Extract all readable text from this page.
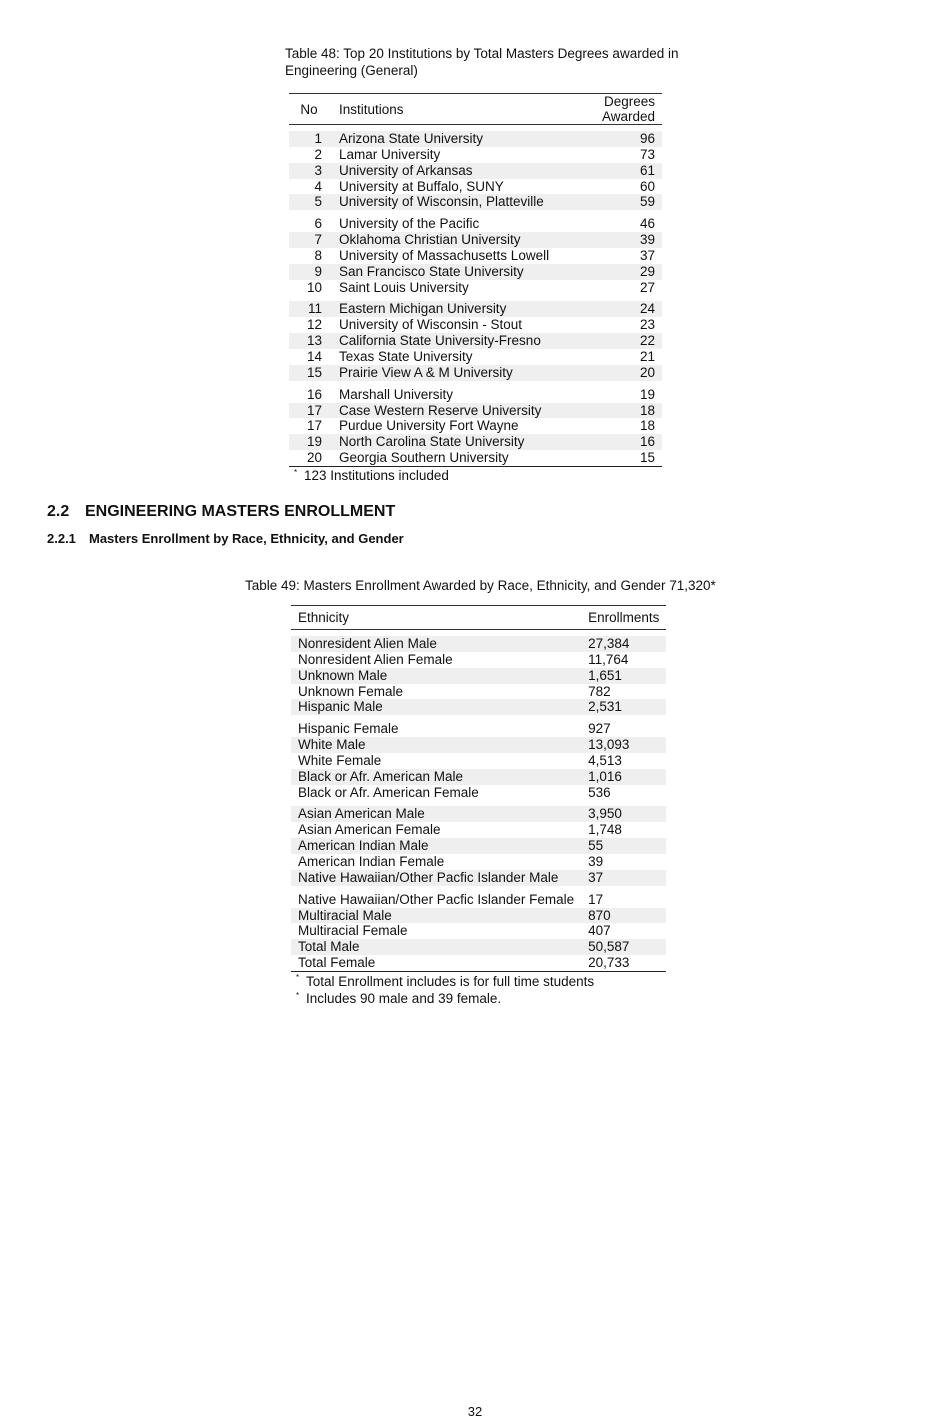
Table 48: Top 20 Institutions by Total Masters Degrees awarded in Engineering (General)

No	Institutions	Degrees Awarded

1	Arizona State University	96
2	Lamar University	73
3	University of Arkansas	61
4	University at Buffalo, SUNY	60
5	University of Wisconsin, Platteville	59

6	University of the Pacific	46
7	Oklahoma Christian University	39
8	University of Massachusetts Lowell	37
9	San Francisco State University	29
10	Saint Louis University	27

11	Eastern Michigan University	24
12	University of Wisconsin - Stout	23
13	California State University-Fresno	22
14	Texas State University	21
15	Prairie View A & M University	20

16	Marshall University	19
17	Case Western Reserve University	18
17	Purdue University Fort Wayne	18
19	North Carolina State University	16
20	Georgia Southern University	15

* 123 Institutions included		
2.2 ENGINEERING MASTERS ENROLLMENT
2.2.1 Masters Enrollment by Race, Ethnicity, and Gender

Table 49: Masters Enrollment Awarded by Race, Ethnicity, and Gender 71,320*

Ethnicity	Enrollments

Nonresident Alien Male	27,384
Nonresident Alien Female	11,764
Unknown Male	1,651
Unknown Female	782
Hispanic Male	2,531

Hispanic Female	927
White Male	13,093
White Female	4,513
Black or Afr. American Male	1,016
Black or Afr. American Female	536

Asian American Male	3,950
Asian American Female	1,748
American Indian Male	55
American Indian Female	39
Native Hawaiian/Other Pacfic Islander Male	37

Native Hawaiian/Other Pacfic Islander Female	17
Multiracial Male	870
Multiracial Female	407
Total Male	50,587
Total Female	20,733

* Total Enrollment includes is for full time students
* Includes 90 male and 39 female.	
32
